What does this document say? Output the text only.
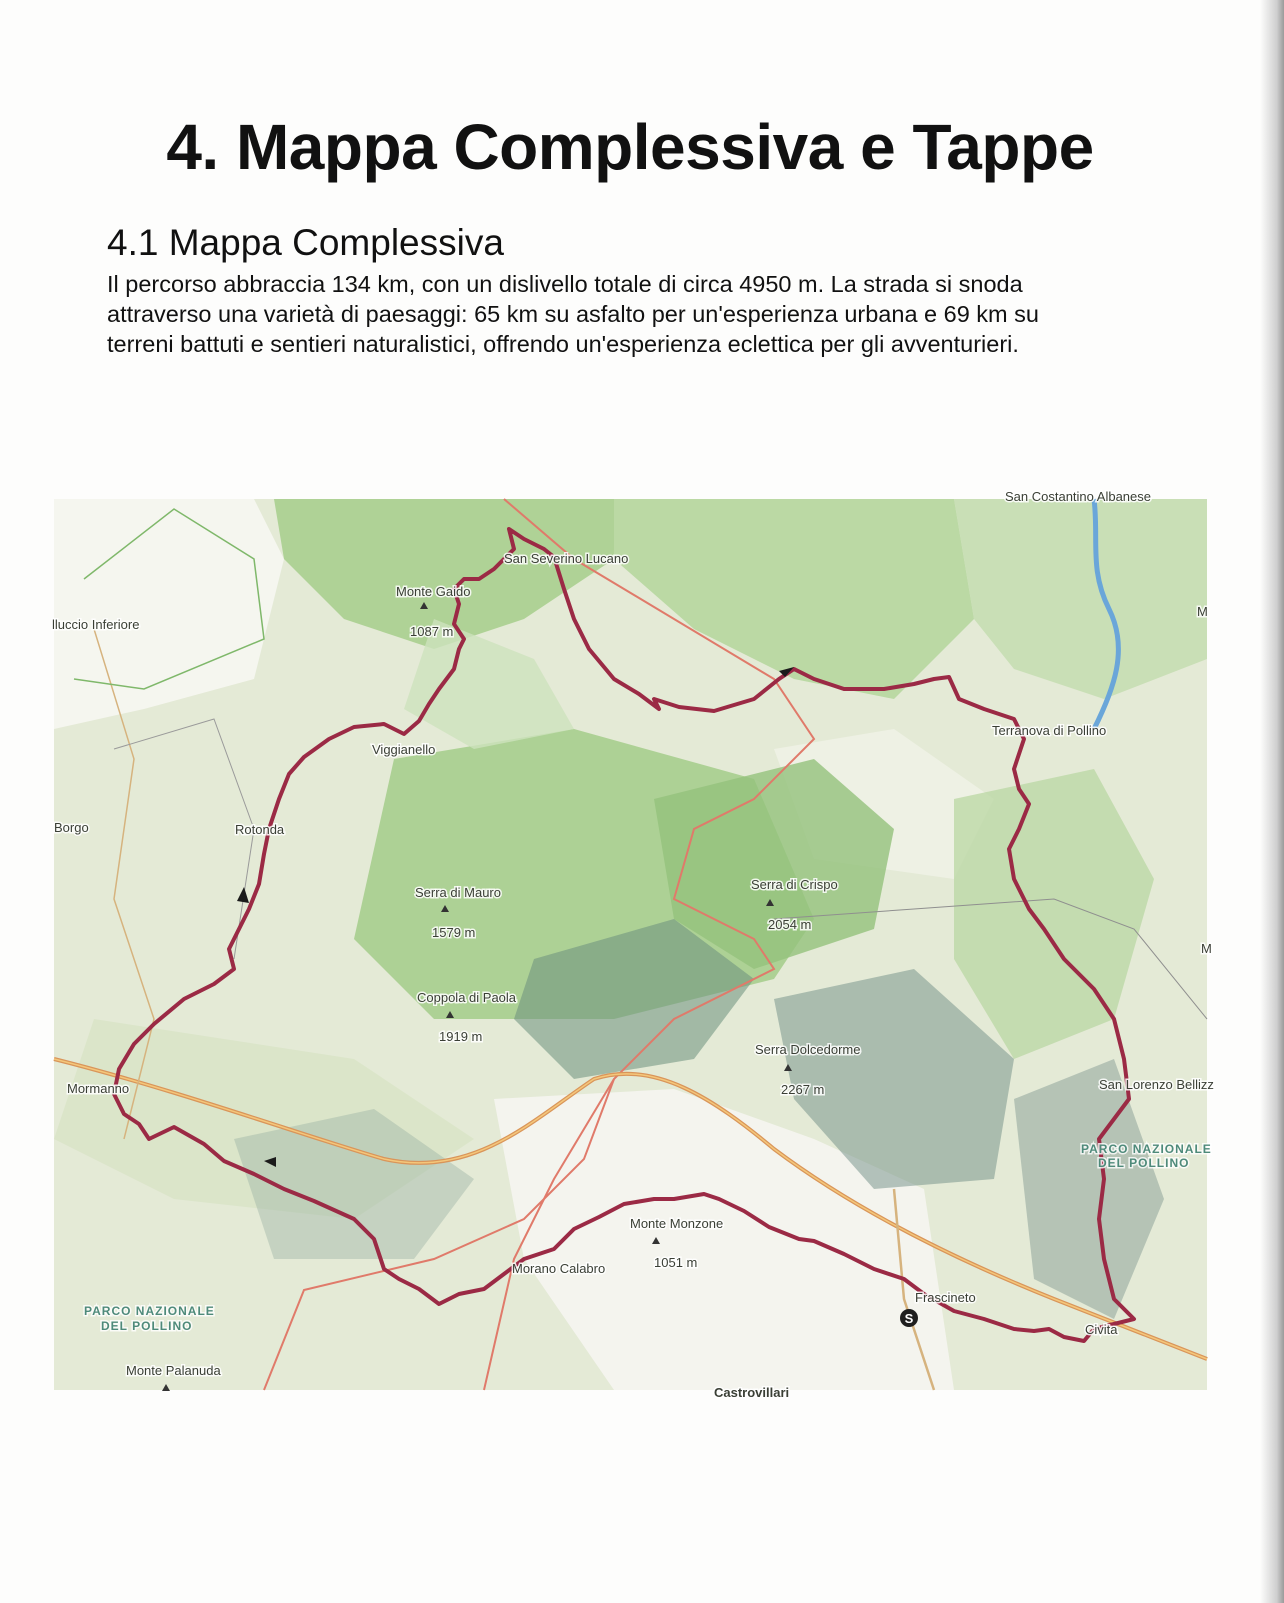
4. Mappa Complessiva e Tappe
4.1 Mappa Complessiva

Il percorso abbraccia 134 km, con un dislivello totale di circa 4950 m. La strada si snoda
attraverso una varietà di paesaggi: 65 km su asfalto per un'esperienza urbana e 69 km su
terreni battuti e sentieri naturalistici, offrendo un'esperienza eclettica per gli avventurieri.

S
San Severino Lucano
Monte Gaido
1087 m
lluccio Inferiore
Viggianello
Terranova di Pollino
Borgo	Rotonda
Serra di Mauro
1579 m
Serra di Crispo
2054 m
Coppola di Paola
1919 m
Serra Dolcedorme
2267 m
Mormanno	San Lorenzo Bellizz
Monte Monzone
1051 m
Morano Calabro
Frascineto
Civita
Monte Palanuda
San Costantino Albanese
Castrovillari
M
M
PARCO NAZIONALE
DEL POLLINO
PARCO NAZIONALE
DEL POLLINO
